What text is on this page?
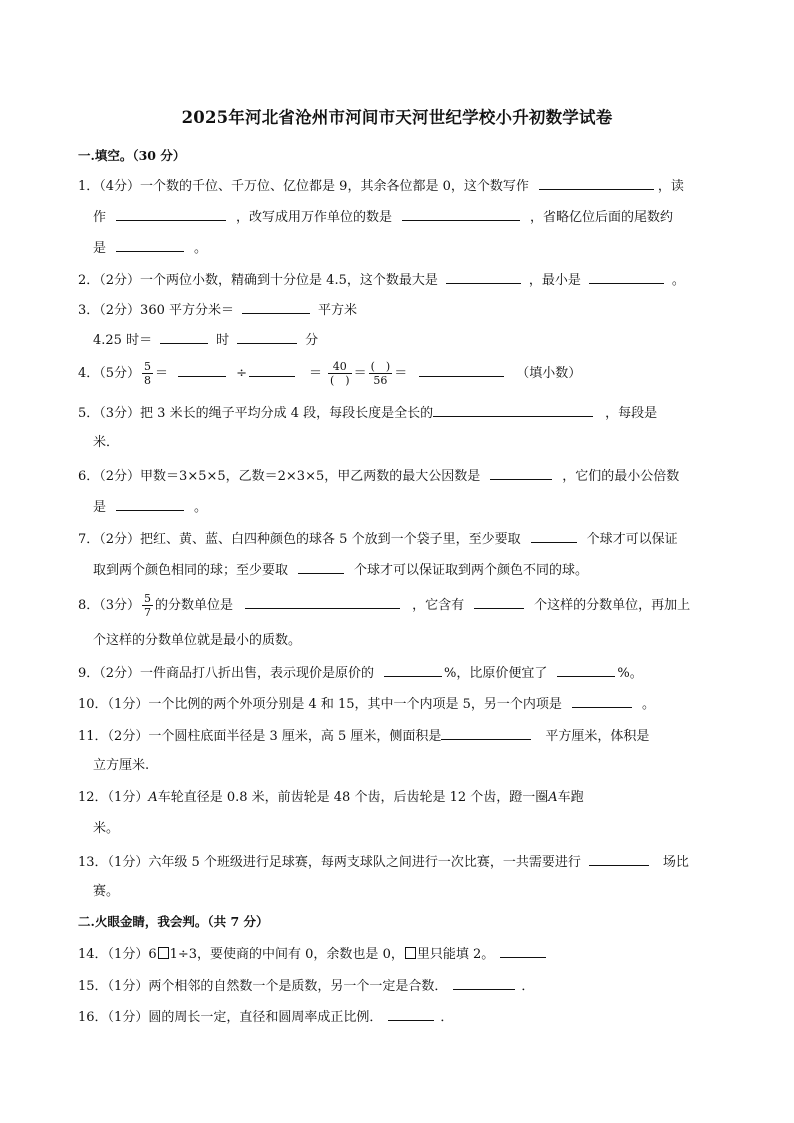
2025年河北省沧州市河间市天河世纪学校小升初数学试卷
一.填空。（30 分）
1．（4分）一个数的千位、千万位、亿位都是 9，其余各位都是 0，这个数写作	，读
作	，改写成用万作单位的数是	，省略亿位后面的尾数约
是	。
2．（2分）一个两位小数，精确到十分位是 4.5，这个数最大是	，最小是	。
3．（2分）360 平方分米＝	平方米
4.25 时＝	时	分
4．（5分） $\frac{5}{8}$ ＝	÷	＝ $\frac{40}{( )} = \frac{( )}{56}$ ＝	（填小数）
5．（3分）把 3 米长的绳子平均分成 4 段，每段长度是全长的	，每段是
米．
6．（2分）甲数＝3×5×5，乙数＝2×3×5，甲乙两数的最大公因数是	，它们的最小公倍数
是	。
7．（2分）把红、黄、蓝、白四种颜色的球各 5 个放到一个袋子里，至少要取	个球才可以保证
取到两个颜色相同的球；至少要取	个球才可以保证取到两个颜色不同的球。
8．（3分） $\frac{5}{7}$ 的分数单位是	，它含有	个这样的分数单位，再加上
个这样的分数单位就是最小的质数。
9．（2分）一件商品打八折出售，表示现价是原价的	%，比原价便宜了	%。
10．（1分）一个比例的两个外项分别是 4 和 15，其中一个内项是 5，另一个内项是	。
11．（2分）一个圆柱底面半径是 3 厘米，高 5 厘米，侧面积是	平方厘米，体积是
立方厘米.
12．（1分）A车轮直径是 0.8 米，前齿轮是 48 个齿，后齿轮是 12 个齿，蹬一圈A车跑
米。
13．（1分）六年级 5 个班级进行足球赛，每两支球队之间进行一次比赛，一共需要进行	场比
赛。
二.火眼金睛，我会判。（共 7 分）
14．（1分）6 1÷3，要使商的中间有 0，余数也是 0， 里只能填 2。
15．（1分）两个相邻的自然数一个是质数，另一个一定是合数．	．
16．（1分）圆的周长一定，直径和圆周率成正比例．	．
